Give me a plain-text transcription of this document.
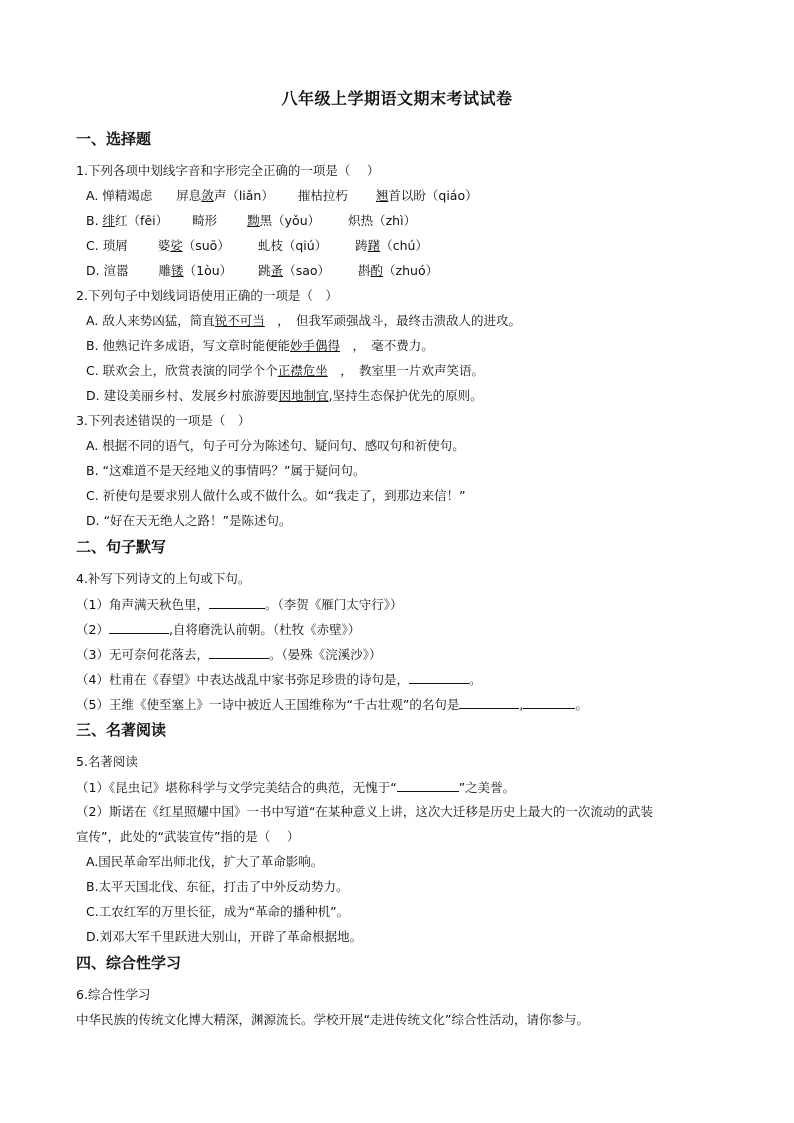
八年级上学期语文期末考试试卷
一、选择题
1.下列各项中划线字音和字形完全正确的一项是（　 ）
A. 惮精竭虑 屏息敛声（liǎn） 摧枯拉朽 翘首以盼（qiáo）
B. 绯红（fēi） 畸形 黝黑（yǒu） 炽热（zhì）
C. 琐屑 婆娑（suō） 虬枝（qiú） 踌躇（chú）
D. 渲嚣 雕镂（1òu） 跳蚤（sao） 斟酌（zhuó）
2.下列句子中划线词语使用正确的一项是（　）
A. 敌人来势凶猛，简直锐不可当　，　但我军顽强战斗，最终击溃敌人的进攻。
B. 他熟记许多成语，写文章时能便能妙手偶得　，　毫不费力。
C. 联欢会上，欣赏表演的同学个个正襟危坐　，　教室里一片欢声笑语。
D. 建设美丽乡村、发展乡村旅游要因地制宜,坚持生态保护优先的原则。
3.下列表述错误的一项是（　）
A. 根据不同的语气，句子可分为陈述句、疑问句、感叹句和祈使句。
B. “这难道不是天经地义的事情吗？”属于疑问句。
C. 祈使句是要求别人做什么或不做什么。如“我走了，到那边来信！”
D. “好在天无绝人之路！”是陈述句。
二、句子默写
4.补写下列诗文的上句或下句。
（1）角声满天秋色里，	。（李贺《雁门太守行》）
（2）	,自将磨洗认前朝。（杜牧《赤壁》）
（3）无可奈何花落去，	。（晏殊《浣溪沙》）
（4）杜甫在《春望》中表达战乱中家书弥足珍贵的诗句是，	。
（5）王维《使至塞上》一诗中被近人王国维称为“千古壮观”的名句是	,	。
三、名著阅读
5.名著阅读
（1）《昆虫记》堪称科学与文学完美结合的典范，无愧于“	”之美誉。
（2）斯诺在《红星照耀中国》一书中写道“在某种意义上讲，这次大迁移是历史上最大的一次流动的武装
宣传”，此处的“武装宣传”指的是（　 ）
A.国民革命军出师北伐，扩大了革命影响。
B.太平天国北伐、东征，打击了中外反动势力。
C.工农红军的万里长征，成为“革命的播种机”。
D.刘邓大军千里跃进大别山，开辟了革命根据地。
四、综合性学习
6.综合性学习
中华民族的传统文化博大精深，渊源流长。学校开展“走进传统文化”综合性活动，请你参与。
